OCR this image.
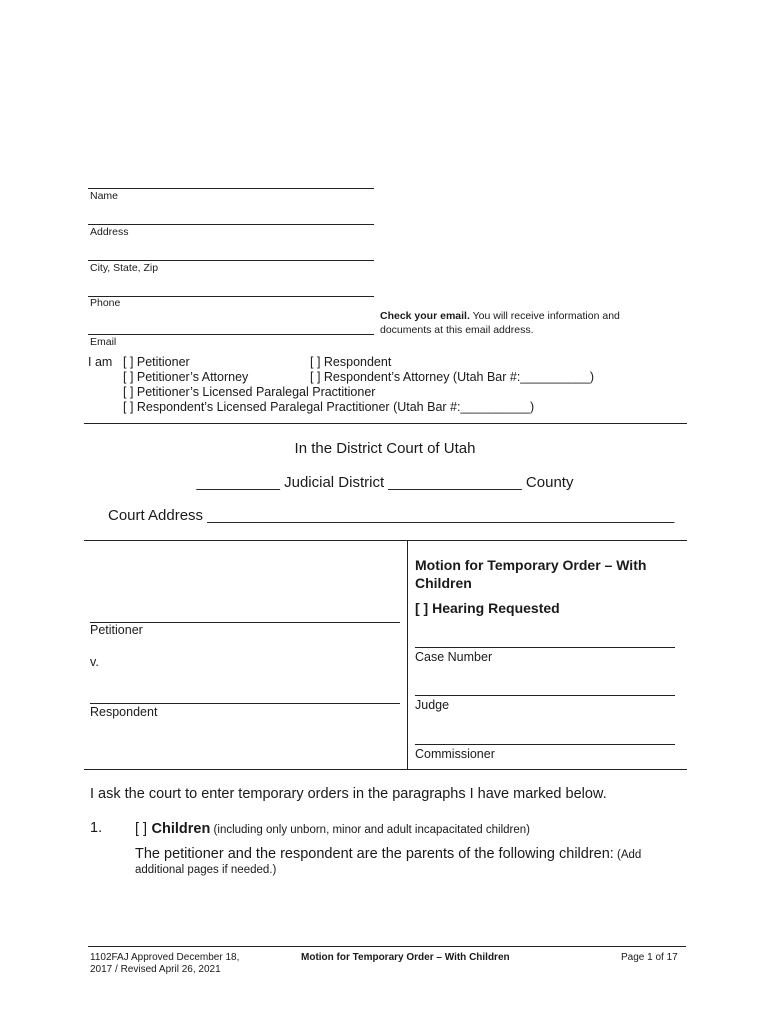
Name
Address
City, State, Zip
Phone
Email
Check your email. You will receive information and
documents at this email address.
I am [ ] Petitioner	[ ] Respondent
[ ] Petitioner’s Attorney	[ ] Respondent’s Attorney (Utah Bar #:__________)
[ ] Petitioner’s Licensed Paralegal Practitioner
[ ] Respondent’s Licensed Paralegal Practitioner (Utah Bar #:__________)
In the District Court of Utah
__________ Judicial District ________________ County
Court Address ________________________________________________________
Petitioner
v.
Respondent
Motion for Temporary Order – With
Children
[ ] Hearing Requested
Case Number
Judge
Commissioner
I ask the court to enter temporary orders in the paragraphs I have marked below.
1. [ ] Children (including only unborn, minor and adult incapacitated children)
The petitioner and the respondent are the parents of the following children: (Add
additional pages if needed.)
1102FAJ Approved December 18,
2017 / Revised April 26, 2021
Motion for Temporary Order – With Children	Page 1 of 17
